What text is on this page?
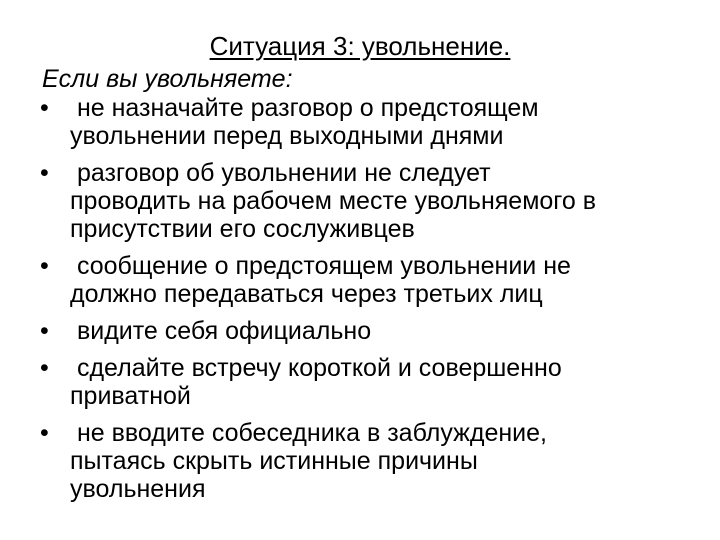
Ситуация 3: увольнение.
Если вы увольняете:
•	не назначайте разговор о предстоящем
увольнении перед выходными днями
•	разговор об увольнении не следует
проводить на рабочем месте увольняемого в
присутствии его сослуживцев
•	сообщение о предстоящем увольнении не
должно передаваться через третьих лиц
• видите себя официально
•	сделайте встречу короткой и совершенно
приватной
•	не вводите собеседника в заблуждение,
пытаясь скрыть истинные причины
увольнения
